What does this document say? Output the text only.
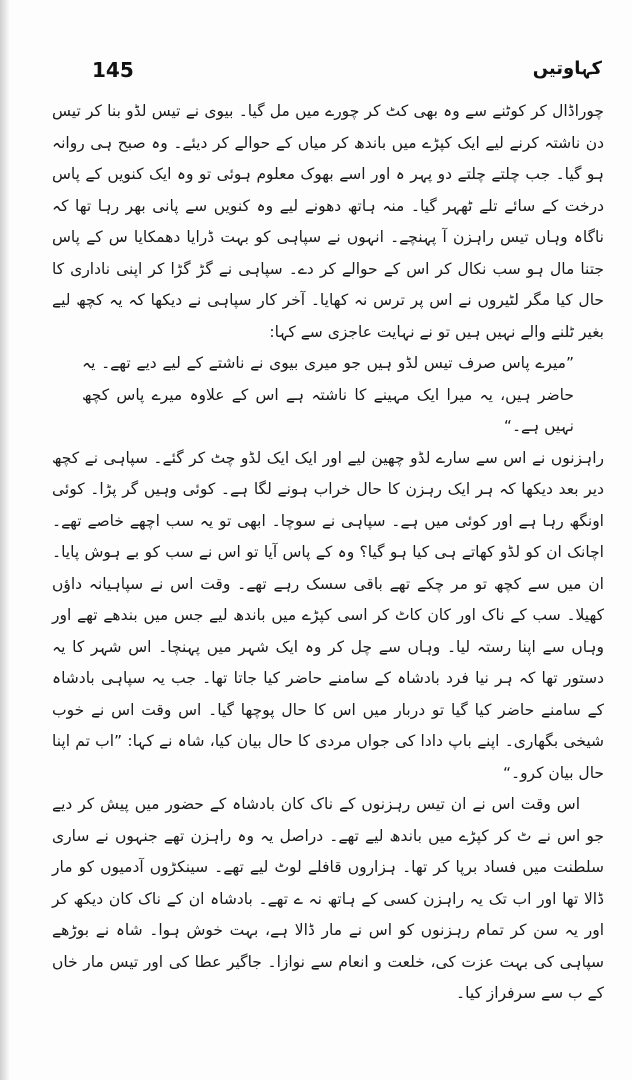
145	کہاوتیں

چوراڈال کر کوٹنے سے وہ بھی کٹ کر چورے میں مل گیا۔ بیوی نے تیس لڈو بنا کر تیس دن ناشتہ کرنے لیے ایک کپڑے میں باندھ کر میاں کے حوالے کر دیئے۔ وہ صبح ہی روانہ ہو گیا۔ جب چلتے چلتے دو پہر ہ اور اسے بھوک معلوم ہوئی تو وہ ایک کنویں کے پاس درخت کے سائے تلے ٹھہر گیا۔ منہ ہاتھ دھونے لیے وہ کنویں سے پانی بھر رہا تھا کہ ناگاہ وہاں تیس راہزن آ پہنچے۔ انہوں نے سپاہی کو بہت ڈرایا دھمکایا س کے پاس جتنا مال ہو سب نکال کر اس کے حوالے کر دے۔ سپاہی نے گڑ گڑا کر اپنی ناداری کا حال کیا مگر لٹیروں نے اس پر ترس نہ کھایا۔ آخر کار سپاہی نے دیکھا کہ یہ کچھ لیے بغیر ٹلنے والے نہیں ہیں تو نے نہایت عاجزی سے کہا:

”میرے پاس صرف تیس لڈو ہیں جو میری بیوی نے ناشتے کے لیے دیے تھے۔ یہ حاضر ہیں، یہ میرا ایک مہینے کا ناشتہ ہے اس کے علاوہ میرے پاس کچھ نہیں ہے۔“

راہزنوں نے اس سے سارے لڈو چھین لیے اور ایک ایک لڈو چٹ کر گئے۔ سپاہی نے کچھ دیر بعد دیکھا کہ ہر ایک رہزن کا حال خراب ہونے لگا ہے۔ کوئی وہیں گر پڑا۔ کوئی اونگھ رہا ہے اور کوئی میں ہے۔ سپاہی نے سوچا۔ ابھی تو یہ سب اچھے خاصے تھے۔ اچانک ان کو لڈو کھاتے ہی کیا ہو گیا؟ وہ کے پاس آیا تو اس نے سب کو بے ہوش پایا۔ ان میں سے کچھ تو مر چکے تھے باقی سسک رہے تھے۔ وقت اس نے سپاہیانہ داؤں کھیلا۔ سب کے ناک اور کان کاٹ کر اسی کپڑے میں باندھ لیے جس میں بندھے تھے اور وہاں سے اپنا رستہ لیا۔ وہاں سے چل کر وہ ایک شہر میں پہنچا۔ اس شہر کا یہ دستور تھا کہ ہر نیا فرد بادشاہ کے سامنے حاضر کیا جاتا تھا۔ جب یہ سپاہی بادشاہ کے سامنے حاضر کیا گیا تو دربار میں اس کا حال پوچھا گیا۔ اس وقت اس نے خوب شیخی بگھاری۔ اپنے باپ دادا کی جواں مردی کا حال بیان کیا، شاہ نے کہا: ”اب تم اپنا حال بیان کرو۔“

اس وقت اس نے ان تیس رہزنوں کے ناک کان بادشاہ کے حضور میں پیش کر دیے جو اس نے ٹ کر کپڑے میں باندھ لیے تھے۔ دراصل یہ وہ راہزن تھے جنہوں نے ساری سلطنت میں فساد برپا کر تھا۔ ہزاروں قافلے لوٹ لیے تھے۔ سینکڑوں آدمیوں کو مار ڈالا تھا اور اب تک یہ راہزن کسی کے ہاتھ نہ ے تھے۔ بادشاہ ان کے ناک کان دیکھ کر اور یہ سن کر تمام رہزنوں کو اس نے مار ڈالا ہے، بہت خوش ہوا۔ شاہ نے بوڑھے سپاہی کی بہت عزت کی، خلعت و انعام سے نوازا۔ جاگیر عطا کی اور تیس مار خاں کے ب سے سرفراز کیا۔
